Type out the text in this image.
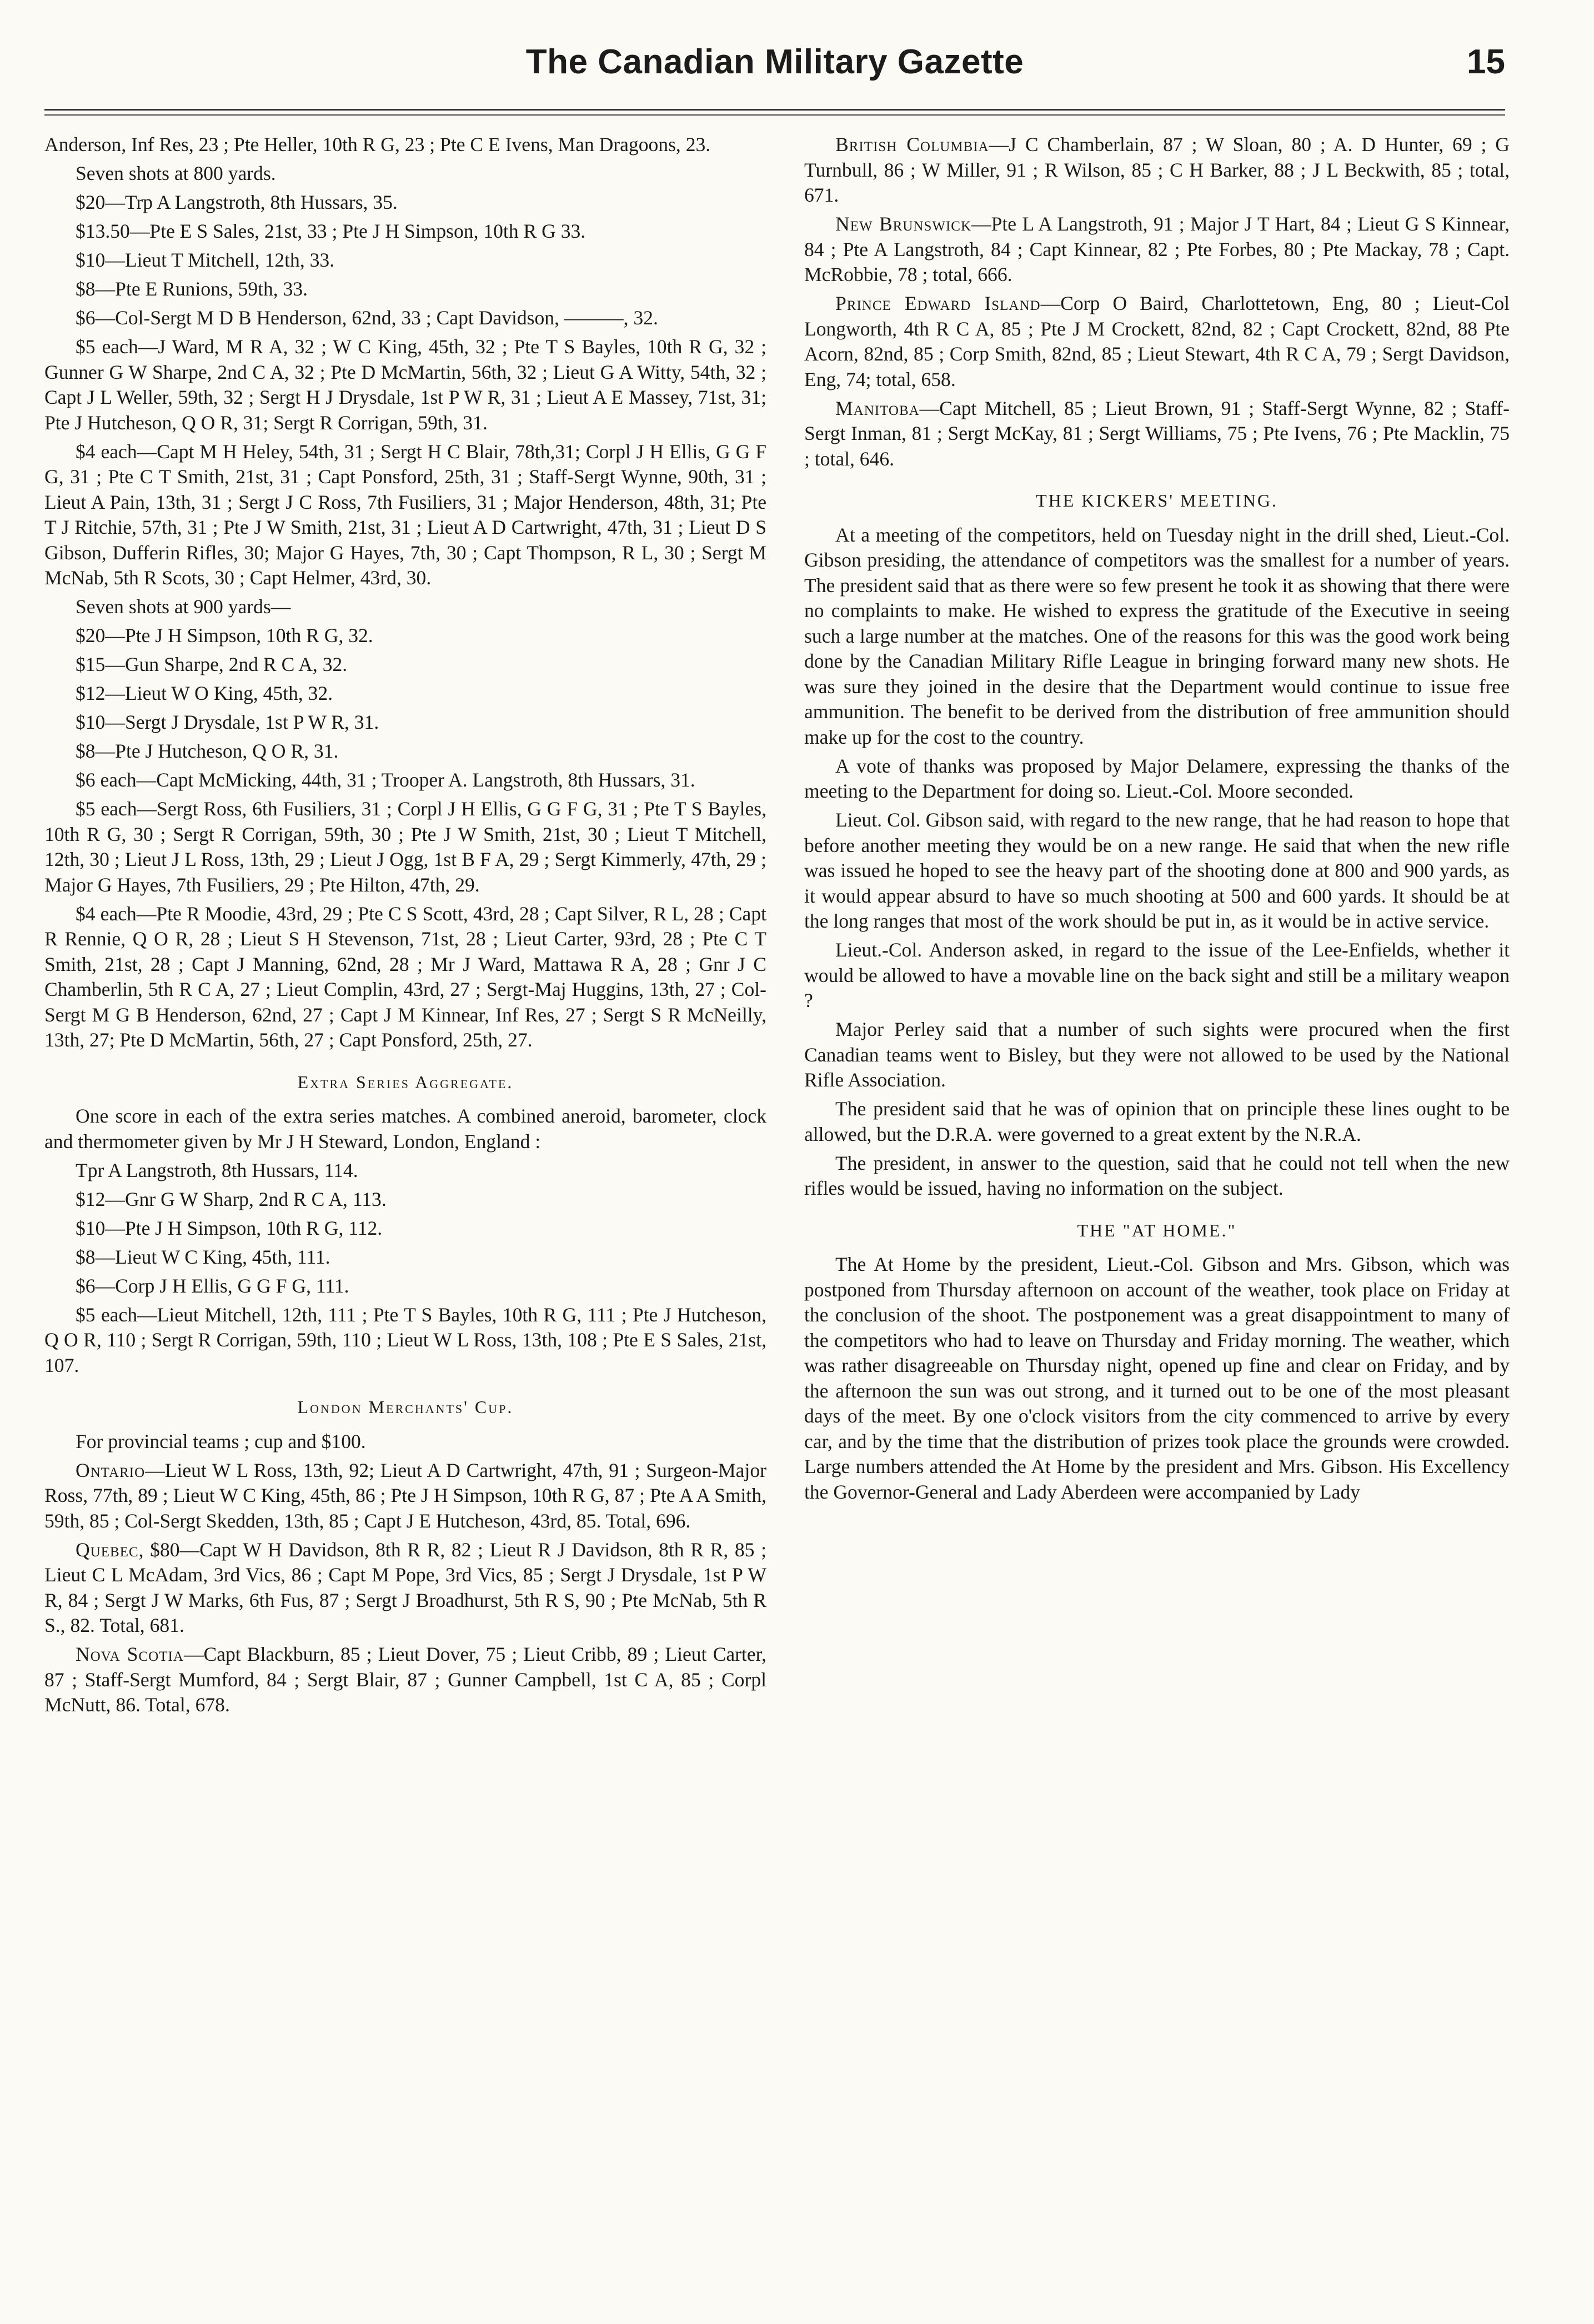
The Canadian Military Gazette	15
Anderson, Inf Res, 23 ; Pte Heller, 10th R G, 23 ; Pte C E Ivens, Man Dragoons, 23.
Seven shots at 800 yards.
$20—Trp A Langstroth, 8th Hussars, 35.
$13.50—Pte E S Sales, 21st, 33 ; Pte J H Simpson, 10th R G 33.
$10—Lieut T Mitchell, 12th, 33.
$8—Pte E Runions, 59th, 33.
$6—Col-Sergt M D B Henderson, 62nd, 33 ; Capt Davidson, ———, 32.
$5 each—J Ward, M R A, 32 ; W C King, 45th, 32 ; Pte T S Bayles, 10th R G, 32 ; Gunner G W Sharpe, 2nd C A, 32 ; Pte D McMartin, 56th, 32 ; Lieut G A Witty, 54th, 32 ; Capt J L Weller, 59th, 32 ; Sergt H J Drysdale, 1st P W R, 31 ; Lieut A E Massey, 71st, 31; Pte J Hutcheson, Q O R, 31; Sergt R Corrigan, 59th, 31.
$4 each—Capt M H Heley, 54th, 31 ; Sergt H C Blair, 78th,31; Corpl J H Ellis, G G F G, 31 ; Pte C T Smith, 21st, 31 ; Capt Ponsford, 25th, 31 ; Staff-Sergt Wynne, 90th, 31 ; Lieut A Pain, 13th, 31 ; Sergt J C Ross, 7th Fusiliers, 31 ; Major Henderson, 48th, 31; Pte T J Ritchie, 57th, 31 ; Pte J W Smith, 21st, 31 ; Lieut A D Cartwright, 47th, 31 ; Lieut D S Gibson, Dufferin Rifles, 30; Major G Hayes, 7th, 30 ; Capt Thompson, R L, 30 ; Sergt M McNab, 5th R Scots, 30 ; Capt Helmer, 43rd, 30.
Seven shots at 900 yards—
$20—Pte J H Simpson, 10th R G, 32.
$15—Gun Sharpe, 2nd R C A, 32.
$12—Lieut W O King, 45th, 32.
$10—Sergt J Drysdale, 1st P W R, 31.
$8—Pte J Hutcheson, Q O R, 31.
$6 each—Capt McMicking, 44th, 31 ; Trooper A. Langstroth, 8th Hussars, 31.
$5 each—Sergt Ross, 6th Fusiliers, 31 ; Corpl J H Ellis, G G F G, 31 ; Pte T S Bayles, 10th R G, 30 ; Sergt R Corrigan, 59th, 30 ; Pte J W Smith, 21st, 30 ; Lieut T Mitchell, 12th, 30 ; Lieut J L Ross, 13th, 29 ; Lieut J Ogg, 1st B F A, 29 ; Sergt Kimmerly, 47th, 29 ; Major G Hayes, 7th Fusiliers, 29 ; Pte Hilton, 47th, 29.
$4 each—Pte R Moodie, 43rd, 29 ; Pte C S Scott, 43rd, 28 ; Capt Silver, R L, 28 ; Capt R Rennie, Q O R, 28 ; Lieut S H Stevenson, 71st, 28 ; Lieut Carter, 93rd, 28 ; Pte C T Smith, 21st, 28 ; Capt J Manning, 62nd, 28 ; Mr J Ward, Mattawa R A, 28 ; Gnr J C Chamberlin, 5th R C A, 27 ; Lieut Complin, 43rd, 27 ; Sergt-Maj Huggins, 13th, 27 ; Col-Sergt M G B Henderson, 62nd, 27 ; Capt J M Kinnear, Inf Res, 27 ; Sergt S R McNeilly, 13th, 27; Pte D McMartin, 56th, 27 ; Capt Ponsford, 25th, 27.
Extra Series Aggregate.
One score in each of the extra series matches. A combined aneroid, barometer, clock and thermometer given by Mr J H Steward, London, England :
Tpr A Langstroth, 8th Hussars, 114.
$12—Gnr G W Sharp, 2nd R C A, 113.
$10—Pte J H Simpson, 10th R G, 112.
$8—Lieut W C King, 45th, 111.
$6—Corp J H Ellis, G G F G, 111.
$5 each—Lieut Mitchell, 12th, 111 ; Pte T S Bayles, 10th R G, 111 ; Pte J Hutcheson, Q O R, 110 ; Sergt R Corrigan, 59th, 110 ; Lieut W L Ross, 13th, 108 ; Pte E S Sales, 21st, 107.
London Merchants' Cup.
For provincial teams ; cup and $100.
Ontario—Lieut W L Ross, 13th, 92; Lieut A D Cartwright, 47th, 91 ; Surgeon-Major Ross, 77th, 89 ; Lieut W C King, 45th, 86 ; Pte J H Simpson, 10th R G, 87 ; Pte A A Smith, 59th, 85 ; Col-Sergt Skedden, 13th, 85 ; Capt J E Hutcheson, 43rd, 85. Total, 696.
Quebec, $80—Capt W H Davidson, 8th R R, 82 ; Lieut R J Davidson, 8th R R, 85 ; Lieut C L McAdam, 3rd Vics, 86 ; Capt M Pope, 3rd Vics, 85 ; Sergt J Drysdale, 1st P W R, 84 ; Sergt J W Marks, 6th Fus, 87 ; Sergt J Broadhurst, 5th R S, 90 ; Pte McNab, 5th R S., 82. Total, 681.
Nova Scotia—Capt Blackburn, 85 ; Lieut Dover, 75 ; Lieut Cribb, 89 ; Lieut Carter, 87 ; Staff-Sergt Mumford, 84 ; Sergt Blair, 87 ; Gunner Campbell, 1st C A, 85 ; Corpl McNutt, 86. Total, 678.
British Columbia—J C Chamberlain, 87 ; W Sloan, 80 ; A. D Hunter, 69 ; G Turnbull, 86 ; W Miller, 91 ; R Wilson, 85 ; C H Barker, 88 ; J L Beckwith, 85 ; total, 671.
New Brunswick—Pte L A Langstroth, 91 ; Major J T Hart, 84 ; Lieut G S Kinnear, 84 ; Pte A Langstroth, 84 ; Capt Kinnear, 82 ; Pte Forbes, 80 ; Pte Mackay, 78 ; Capt. McRobbie, 78 ; total, 666.
Prince Edward Island—Corp O Baird, Charlottetown, Eng, 80 ; Lieut-Col Longworth, 4th R C A, 85 ; Pte J M Crockett, 82nd, 82 ; Capt Crockett, 82nd, 88 Pte Acorn, 82nd, 85 ; Corp Smith, 82nd, 85 ; Lieut Stewart, 4th R C A, 79 ; Sergt Davidson, Eng, 74; total, 658.
Manitoba—Capt Mitchell, 85 ; Lieut Brown, 91 ; Staff-Sergt Wynne, 82 ; Staff-Sergt Inman, 81 ; Sergt McKay, 81 ; Sergt Williams, 75 ; Pte Ivens, 76 ; Pte Macklin, 75 ; total, 646.
THE KICKERS' MEETING.
At a meeting of the competitors, held on Tuesday night in the drill shed, Lieut.-Col. Gibson presiding, the attendance of competitors was the smallest for a number of years. The president said that as there were so few present he took it as showing that there were no complaints to make. He wished to express the gratitude of the Executive in seeing such a large number at the matches. One of the reasons for this was the good work being done by the Canadian Military Rifle League in bringing forward many new shots. He was sure they joined in the desire that the Department would continue to issue free ammunition. The benefit to be derived from the distribution of free ammunition should make up for the cost to the country.
A vote of thanks was proposed by Major Delamere, expressing the thanks of the meeting to the Department for doing so. Lieut.-Col. Moore seconded.
Lieut. Col. Gibson said, with regard to the new range, that he had reason to hope that before another meeting they would be on a new range. He said that when the new rifle was issued he hoped to see the heavy part of the shooting done at 800 and 900 yards, as it would appear absurd to have so much shooting at 500 and 600 yards. It should be at the long ranges that most of the work should be put in, as it would be in active service.
Lieut.-Col. Anderson asked, in regard to the issue of the Lee-Enfields, whether it would be allowed to have a movable line on the back sight and still be a military weapon ?
Major Perley said that a number of such sights were procured when the first Canadian teams went to Bisley, but they were not allowed to be used by the National Rifle Association.
The president said that he was of opinion that on principle these lines ought to be allowed, but the D.R.A. were governed to a great extent by the N.R.A.
The president, in answer to the question, said that he could not tell when the new rifles would be issued, having no information on the subject.
THE "AT HOME."
The At Home by the president, Lieut.-Col. Gibson and Mrs. Gibson, which was postponed from Thursday afternoon on account of the weather, took place on Friday at the conclusion of the shoot. The postponement was a great disappointment to many of the competitors who had to leave on Thursday and Friday morning. The weather, which was rather disagreeable on Thursday night, opened up fine and clear on Friday, and by the afternoon the sun was out strong, and it turned out to be one of the most pleasant days of the meet. By one o'clock visitors from the city commenced to arrive by every car, and by the time that the distribution of prizes took place the grounds were crowded. Large numbers attended the At Home by the president and Mrs. Gibson. His Excellency the Governor-General and Lady Aberdeen were accompanied by Lady
